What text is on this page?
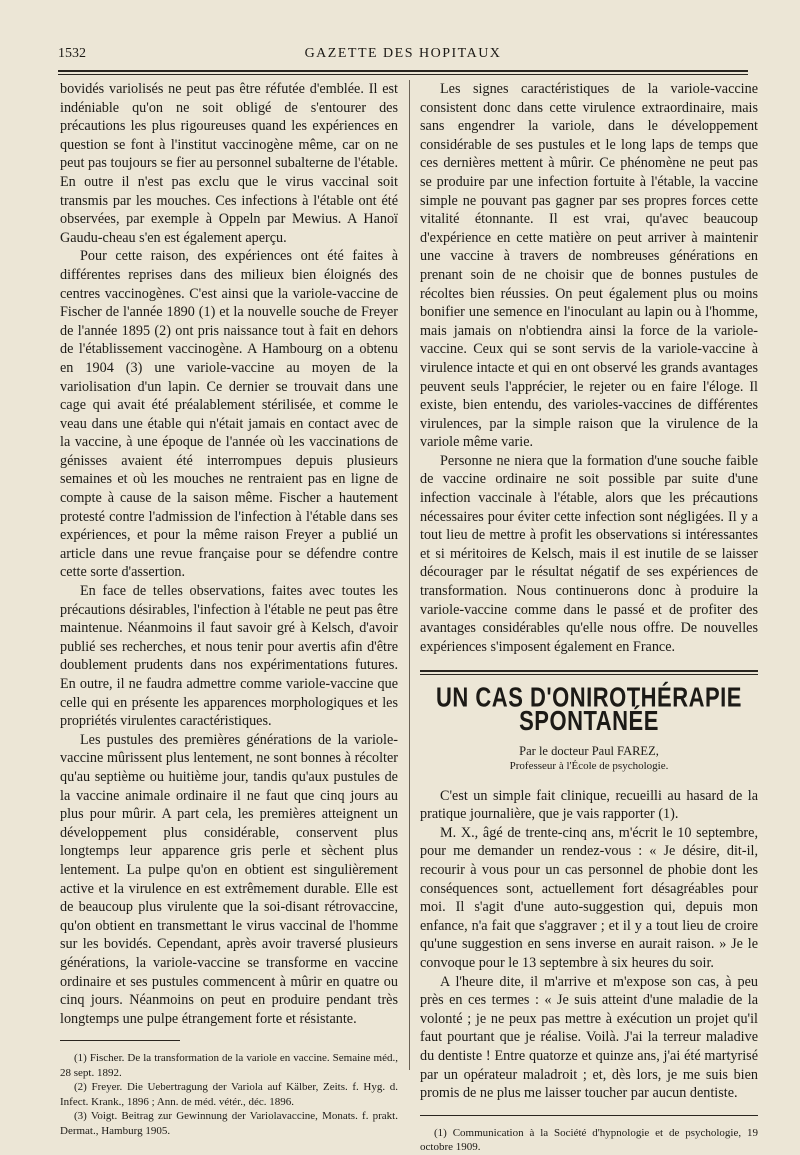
1532	GAZETTE DES HOPITAUX

bovidés variolisés ne peut pas être réfutée d'emblée. Il est indéniable qu'on ne soit obligé de s'entourer des précautions les plus rigoureuses quand les expériences en question se font à l'institut vaccinogène même, car on ne peut pas toujours se fier au personnel subalterne de l'étable. En outre il n'est pas exclu que le virus vaccinal soit transmis par les mouches. Ces infections à l'étable ont été observées, par exemple à Oppeln par Mewius. A Hanoï Gaudu-cheau s'en est également aperçu.

Pour cette raison, des expériences ont été faites à différentes reprises dans des milieux bien éloignés des centres vaccinogènes. C'est ainsi que la variole-vaccine de Fischer de l'année 1890 (1) et la nouvelle souche de Freyer de l'année 1895 (2) ont pris naissance tout à fait en dehors de l'établissement vaccinogène. A Hambourg on a obtenu en 1904 (3) une variole-vaccine au moyen de la variolisation d'un lapin. Ce dernier se trouvait dans une cage qui avait été préalablement stérilisée, et comme le veau dans une étable qui n'était jamais en contact avec de la vaccine, à une époque de l'année où les vaccinations de génisses avaient été interrompues depuis plusieurs semaines et où les mouches ne rentraient pas en ligne de compte à cause de la saison même. Fischer a hautement protesté contre l'admission de l'infection à l'étable dans ses expériences, et pour la même raison Freyer a publié un article dans une revue française pour se défendre contre cette sorte d'assertion.

En face de telles observations, faites avec toutes les précautions désirables, l'infection à l'étable ne peut pas être maintenue. Néanmoins il faut savoir gré à Kelsch, d'avoir publié ses recherches, et nous tenir pour avertis afin d'être doublement prudents dans nos expérimentations futures. En outre, il ne faudra admettre comme variole-vaccine que celle qui en présente les apparences morphologiques et les propriétés virulentes caractéristiques.

Les pustules des premières générations de la variole-vaccine mûrissent plus lentement, ne sont bonnes à récolter qu'au septième ou huitième jour, tandis qu'aux pustules de la vaccine animale ordinaire il ne faut que cinq jours au plus pour mûrir. A part cela, les premières atteignent un développement plus considérable, conservent plus longtemps leur apparence gris perle et sèchent plus lentement. La pulpe qu'on en obtient est singulièrement active et la virulence en est extrêmement durable. Elle est de beaucoup plus virulente que la soi-disant rétrovaccine, qu'on obtient en transmettant le virus vaccinal de l'homme sur les bovidés. Cependant, après avoir traversé plusieurs générations, la variole-vaccine se transforme en vaccine ordinaire et ses pustules commencent à mûrir en quatre ou cinq jours. Néanmoins on peut en produire pendant très longtemps une pulpe étrangement forte et résistante.

(1) Fischer. De la transformation de la variole en vaccine. Semaine méd., 28 sept. 1892.

(2) Freyer. Die Uebertragung der Variola auf Kälber, Zeits. f. Hyg. d. Infect. Krank., 1896 ; Ann. de méd. vétér., déc. 1896.

(3) Voigt. Beitrag zur Gewinnung der Variolavaccine, Monats. f. prakt. Dermat., Hamburg 1905.

Les signes caractéristiques de la variole-vaccine consistent donc dans cette virulence extraordinaire, mais sans engendrer la variole, dans le développement considérable de ses pustules et le long laps de temps que ces dernières mettent à mûrir. Ce phénomène ne peut pas se produire par une infection fortuite à l'étable, la vaccine simple ne pouvant pas gagner par ses propres forces cette vitalité étonnante. Il est vrai, qu'avec beaucoup d'expérience en cette matière on peut arriver à maintenir une vaccine à travers de nombreuses générations en prenant soin de ne choisir que de bonnes pustules de récoltes bien réussies. On peut également plus ou moins bonifier une semence en l'inoculant au lapin ou à l'homme, mais jamais on n'obtiendra ainsi la force de la variole-vaccine. Ceux qui se sont servis de la variole-vaccine à virulence intacte et qui en ont observé les grands avantages peuvent seuls l'apprécier, le rejeter ou en faire l'éloge. Il existe, bien entendu, des varioles-vaccines de différentes virulences, par la simple raison que la virulence de la variole même varie.

Personne ne niera que la formation d'une souche faible de vaccine ordinaire ne soit possible par suite d'une infection vaccinale à l'étable, alors que les précautions nécessaires pour éviter cette infection sont négligées. Il y a tout lieu de mettre à profit les observations si intéressantes et si méritoires de Kelsch, mais il est inutile de se laisser décourager par le résultat négatif de ses expériences de transformation. Nous continuerons donc à produire la variole-vaccine comme dans le passé et de profiter des avantages considérables qu'elle nous offre. De nouvelles expériences s'imposent également en France.

UN CAS D'ONIROTHÉRAPIE SPONTANÉE
Par le docteur Paul FAREZ,
Professeur à l'École de psychologie.

C'est un simple fait clinique, recueilli au hasard de la pratique journalière, que je vais rapporter (1).

M. X., âgé de trente-cinq ans, m'écrit le 10 septembre, pour me demander un rendez-vous : « Je désire, dit-il, recourir à vous pour un cas personnel de phobie dont les conséquences sont, actuellement fort désagréables pour moi. Il s'agit d'une auto-suggestion qui, depuis mon enfance, n'a fait que s'aggraver ; et il y a tout lieu de croire qu'une suggestion en sens inverse en aurait raison. » Je le convoque pour le 13 septembre à six heures du soir.

A l'heure dite, il m'arrive et m'expose son cas, à peu près en ces termes : « Je suis atteint d'une maladie de la volonté ; je ne peux pas mettre à exécution un projet qu'il faut pourtant que je réalise. Voilà. J'ai la terreur maladive du dentiste ! Entre quatorze et quinze ans, j'ai été martyrisé par un opérateur maladroit ; et, dès lors, je me suis bien promis de ne plus me laisser toucher par aucun dentiste.

(1) Communication à la Société d'hypnologie et de psychologie, 19 octobre 1909.
